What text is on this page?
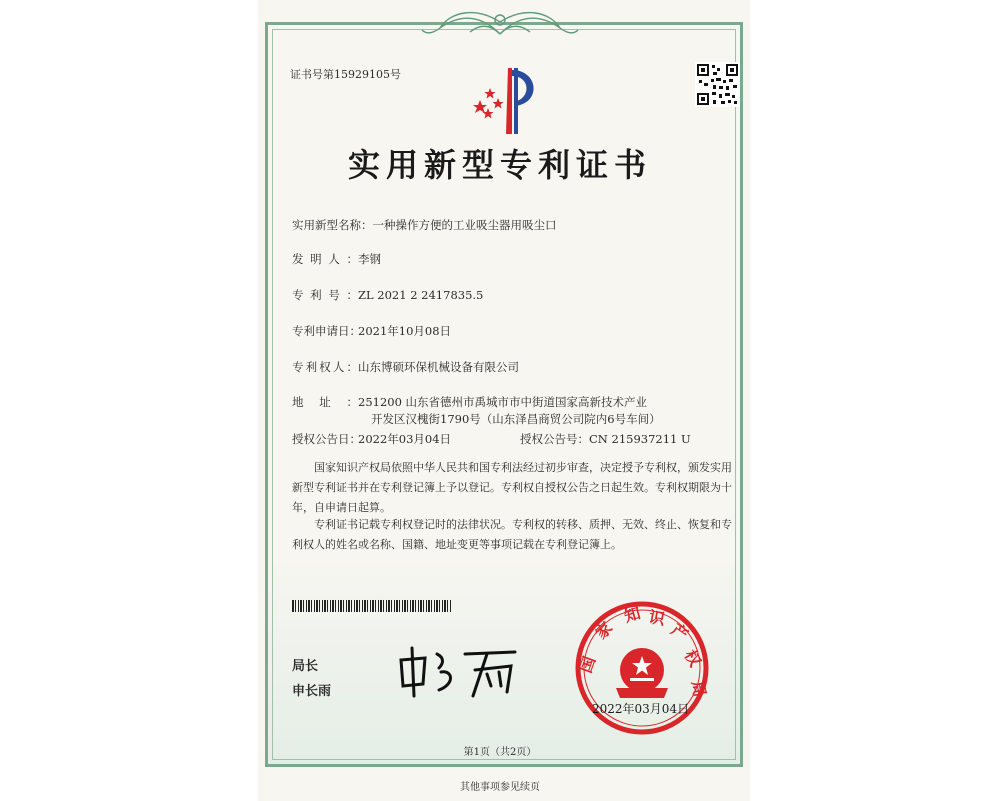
证书号第15929105号
实用新型专利证书
实用新型名称：一种操作方便的工业吸尘器用吸尘口
发明人：李钢
专利号：ZL 2021 2 2417835.5
专利申请日：2021年10月08日
专利权人：山东博硕环保机械设备有限公司
地址：251200 山东省德州市禹城市市中街道国家高新技术产业
开发区汉槐街1790号（山东泽昌商贸公司院内6号车间）
授权公告日：2022年03月04日	授权公告号：CN 215937211 U
国家知识产权局依照中华人民共和国专利法经过初步审查，决定授予专利权，颁发实用新型专利证书并在专利登记簿上予以登记。专利权自授权公告之日起生效。专利权期限为十年，自申请日起算。
专利证书记载专利权登记时的法律状况。专利权的转移、质押、无效、终止、恢复和专利权人的姓名或名称、国籍、地址变更等事项记载在专利登记簿上。
局长
申长雨
国
家
知 识
产
权
局
2022年03月04日
第1页（共2页）
其他事项参见续页
